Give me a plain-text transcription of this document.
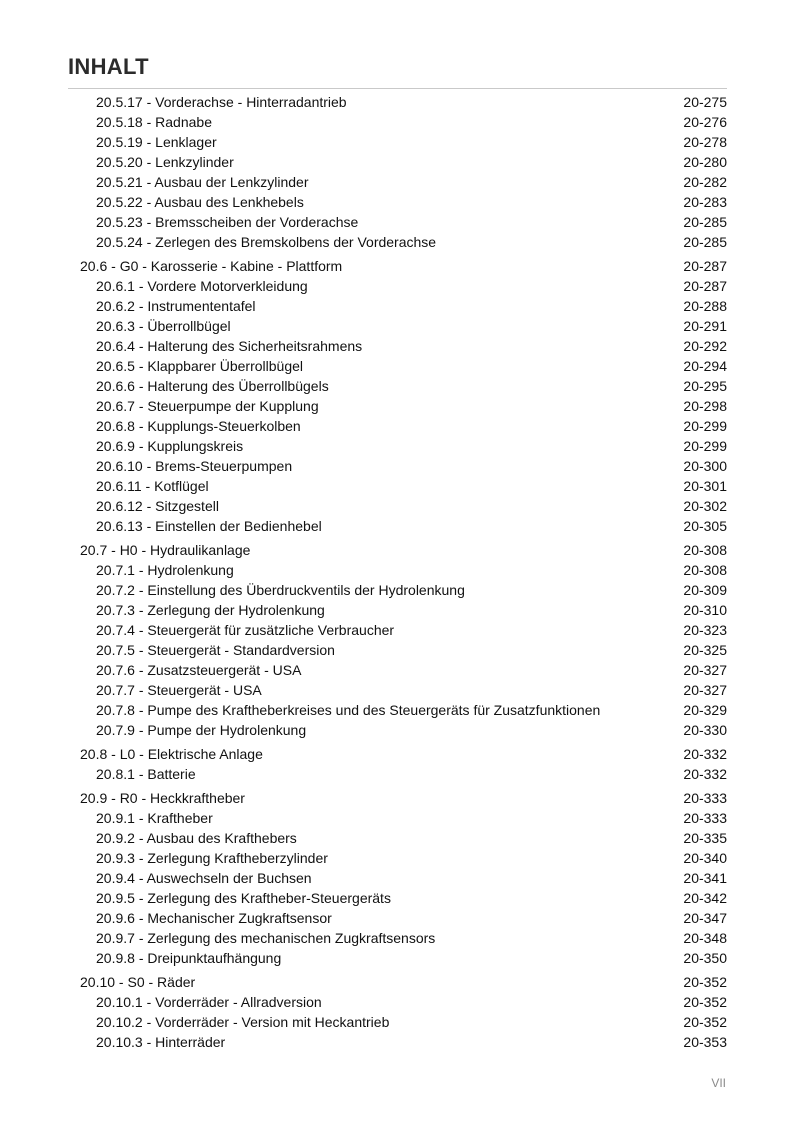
INHALT
20.5.17 - Vorderachse - Hinterradantrieb	20-275
20.5.18 - Radnabe	20-276
20.5.19 - Lenklager	20-278
20.5.20 - Lenkzylinder	20-280
20.5.21 - Ausbau der Lenkzylinder	20-282
20.5.22 - Ausbau des Lenkhebels	20-283
20.5.23 - Bremsscheiben der Vorderachse	20-285
20.5.24 - Zerlegen des Bremskolbens der Vorderachse	20-285
20.6 - G0 - Karosserie - Kabine - Plattform	20-287
20.6.1 - Vordere Motorverkleidung	20-287
20.6.2 - Instrumententafel	20-288
20.6.3 - Überrollbügel	20-291
20.6.4 - Halterung des Sicherheitsrahmens	20-292
20.6.5 - Klappbarer Überrollbügel	20-294
20.6.6 - Halterung des Überrollbügels	20-295
20.6.7 - Steuerpumpe der Kupplung	20-298
20.6.8 - Kupplungs-Steuerkolben	20-299
20.6.9 - Kupplungskreis	20-299
20.6.10 - Brems-Steuerpumpen	20-300
20.6.11 - Kotflügel	20-301
20.6.12 - Sitzgestell	20-302
20.6.13 - Einstellen der Bedienhebel	20-305
20.7 - H0 - Hydraulikanlage	20-308
20.7.1 - Hydrolenkung	20-308
20.7.2 - Einstellung des Überdruckventils der Hydrolenkung	20-309
20.7.3 - Zerlegung der Hydrolenkung	20-310
20.7.4 - Steuergerät für zusätzliche Verbraucher	20-323
20.7.5 - Steuergerät - Standardversion	20-325
20.7.6 - Zusatzsteuergerät - USA	20-327
20.7.7 - Steuergerät - USA	20-327
20.7.8 - Pumpe des Kraftheberkreises und des Steuergeräts für Zusatzfunktionen	20-329
20.7.9 - Pumpe der Hydrolenkung	20-330
20.8 - L0 - Elektrische Anlage	20-332
20.8.1 - Batterie	20-332
20.9 - R0 - Heckkraftheber	20-333
20.9.1 - Kraftheber	20-333
20.9.2 - Ausbau des Krafthebers	20-335
20.9.3 - Zerlegung Kraftheberzylinder	20-340
20.9.4 - Auswechseln der Buchsen	20-341
20.9.5 - Zerlegung des Kraftheber-Steuergeräts	20-342
20.9.6 - Mechanischer Zugkraftsensor	20-347
20.9.7 - Zerlegung des mechanischen Zugkraftsensors	20-348
20.9.8 - Dreipunktaufhängung	20-350
20.10 - S0 - Räder	20-352
20.10.1 - Vorderräder - Allradversion	20-352
20.10.2 - Vorderräder - Version mit Heckantrieb	20-352
20.10.3 - Hinterräder	20-353
VII
